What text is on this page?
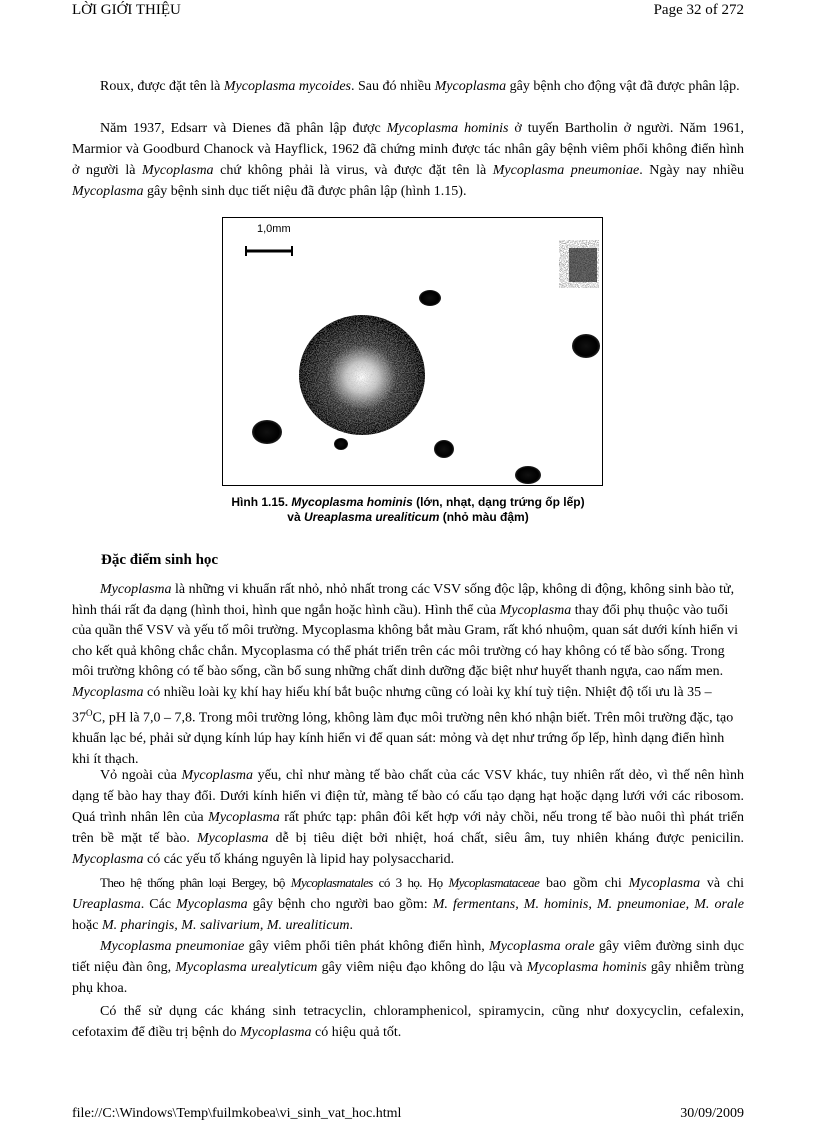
LỜI GIỚI THIỆU	Page 32 of 272

Roux, được đặt tên là Mycoplasma mycoides. Sau đó nhiều Mycoplasma gây bệnh cho động vật đã được phân lập.

Năm 1937, Edsarr và Dienes đã phân lập được Mycoplasma hominis ở tuyến Bartholin ở người. Năm 1961, Marmior và Goodburd Chanock và Hayflick, 1962 đã chứng minh được tác nhân gây bệnh viêm phổi không điển hình ở người là Mycoplasma chứ không phải là virus, và được đặt tên là Mycoplasma pneumoniae. Ngày nay nhiều Mycoplasma gây bệnh sinh dục tiết niệu đã được phân lập (hình 1.15).

1,0mm
Hình 1.15. Mycoplasma hominis (lớn, nhạt, dạng trứng ốp lếp)
và Ureaplasma urealiticum (nhỏ màu đậm)
Đặc điểm sinh học

Mycoplasma là những vi khuẩn rất nhỏ, nhỏ nhất trong các VSV sống độc lập, không di động, không sinh bào tử, hình thái rất đa dạng (hình thoi, hình que ngắn hoặc hình cầu). Hình thể của Mycoplasma thay đổi phụ thuộc vào tuổi của quần thể VSV và yếu tố môi trường. Mycoplasma không bắt màu Gram, rất khó nhuộm, quan sát dưới kính hiển vi cho kết quả không chắc chắn. Mycoplasma có thể phát triển trên các môi trường có hay không có tế bào sống. Trong môi trường không có tế bào sống, cần bổ sung những chất dinh dưỡng đặc biệt như huyết thanh ngựa, cao nấm men. Mycoplasma có nhiều loài kỵ khí hay hiếu khí bắt buộc nhưng cũng có loài kỵ khí tuỳ tiện. Nhiệt độ tối ưu là $35 - 37^OC$, pH là 7,0 – 7,8. Trong môi trường lỏng, không làm đục môi trường nên khó nhận biết. Trên môi trường đặc, tạo khuẩn lạc bé, phải sử dụng kính lúp hay kính hiển vi để quan sát: mỏng và dẹt như trứng ốp lếp, hình dạng điển hình khi ít thạch.

Vỏ ngoài của Mycoplasma yếu, chỉ như màng tế bào chất của các VSV khác, tuy nhiên rất dẻo, vì thế nên hình dạng tế bào hay thay đổi. Dưới kính hiển vi điện tử, màng tế bào có cấu tạo dạng hạt hoặc dạng lưới với các ribosom. Quá trình nhân lên của Mycoplasma rất phức tạp: phân đôi kết hợp với nảy chồi, nếu trong tế bào nuôi thì phát triển trên bề mặt tế bào. Mycoplasma dễ bị tiêu diệt bởi nhiệt, hoá chất, siêu âm, tuy nhiên kháng được penicilin. Mycoplasma có các yếu tố kháng nguyên là lipid hay polysaccharid.

Theo hệ thống phân loại Bergey, bộ Mycoplasmatales có 3 họ. Họ Mycoplasmataceae bao gồm chi Mycoplasma và chi Ureaplasma. Các Mycoplasma gây bệnh cho người bao gồm: M. fermentans, M. hominis, M. pneumoniae, M. orale hoặc M. pharingis, M. salivarium, M. urealiticum.

Mycoplasma pneumoniae gây viêm phổi tiên phát không điển hình, Mycoplasma orale gây viêm đường sinh dục tiết niệu đàn ông, Mycoplasma urealyticum gây viêm niệu đạo không do lậu và Mycoplasma hominis gây nhiễm trùng phụ khoa.

Có thể sử dụng các kháng sinh tetracyclin, chloramphenicol, spiramycin, cũng như doxycyclin, cefalexin, cefotaxim để điều trị bệnh do Mycoplasma có hiệu quả tốt.

file://C:\Windows\Temp\fuilmkobea\vi_sinh_vat_hoc.html	30/09/2009
